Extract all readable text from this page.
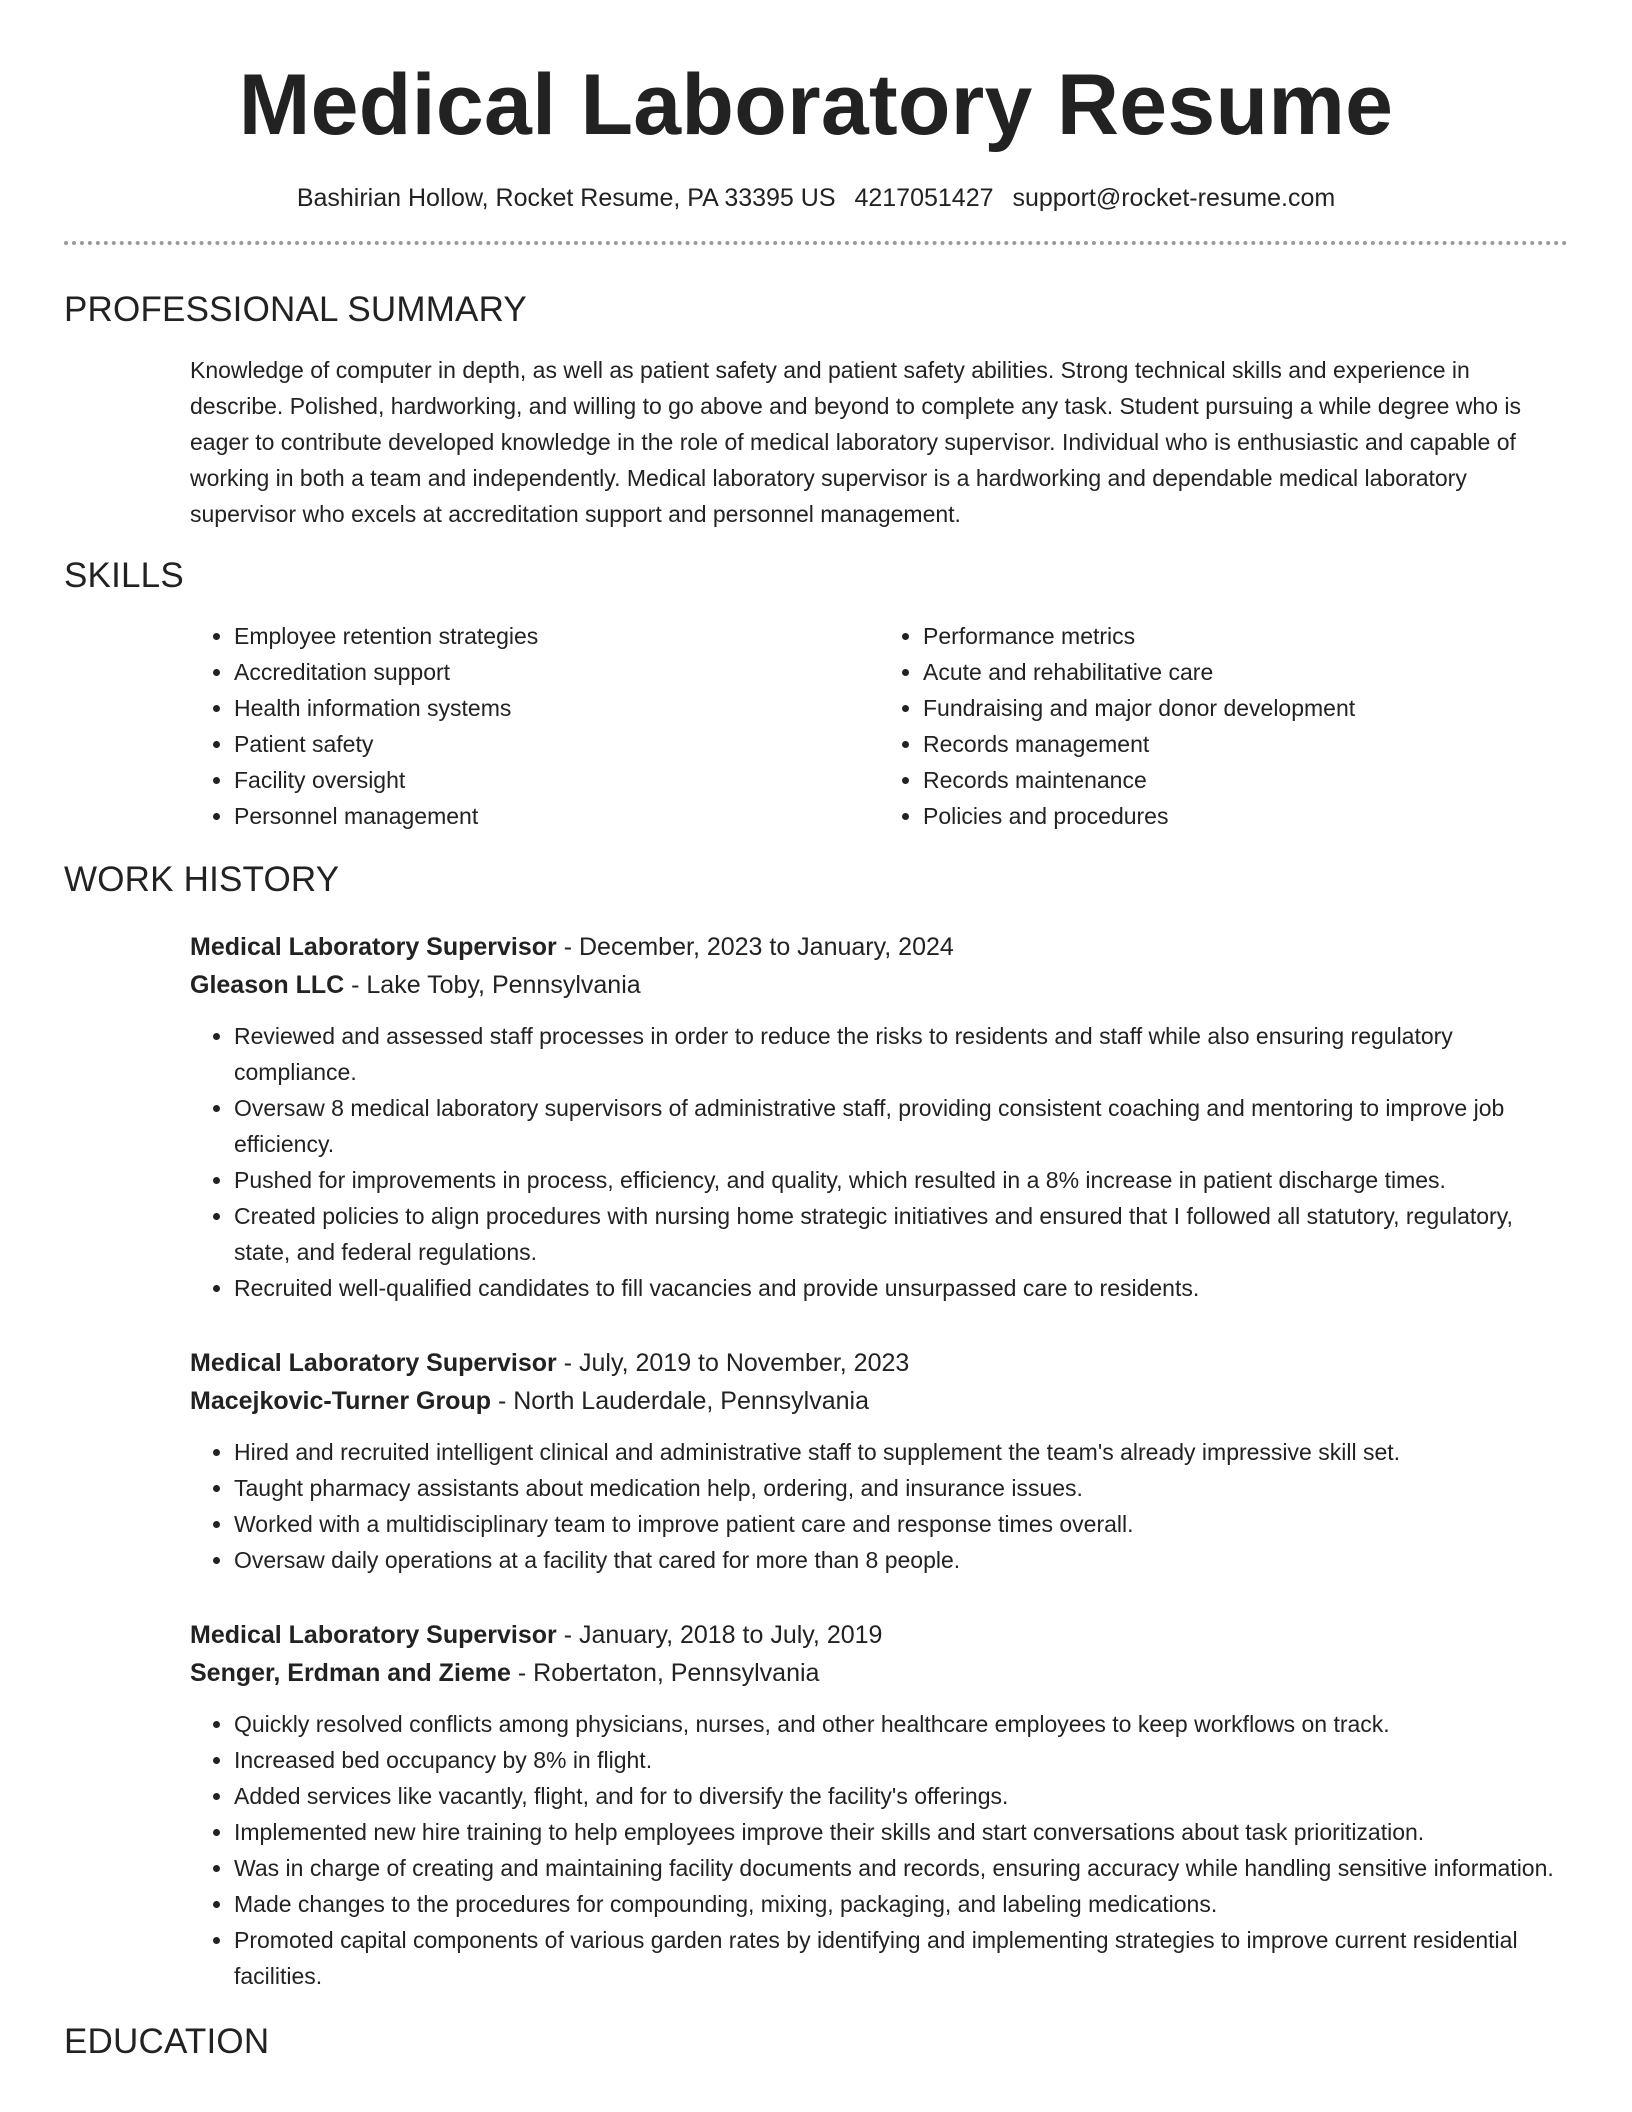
Medical Laboratory Resume
Bashirian Hollow, Rocket Resume, PA 33395 US 4217051427 support@rocket-resume.com
PROFESSIONAL SUMMARY

Knowledge of computer in depth, as well as patient safety and patient safety abilities. Strong technical skills and experience in describe. Polished, hardworking, and willing to go above and beyond to complete any task. Student pursuing a while degree who is eager to contribute developed knowledge in the role of medical laboratory supervisor. Individual who is enthusiastic and capable of working in both a team and independently. Medical laboratory supervisor is a hardworking and dependable medical laboratory supervisor who excels at accreditation support and personnel management.

SKILLS
• Employee retention strategies
• Accreditation support
• Health information systems
• Patient safety
• Facility oversight
• Personnel management
• Performance metrics
• Acute and rehabilitative care
• Fundraising and major donor development
• Records management
• Records maintenance
• Policies and procedures
WORK HISTORY
Medical Laboratory Supervisor - December, 2023 to January, 2024
Gleason LLC - Lake Toby, Pennsylvania
• Reviewed and assessed staff processes in order to reduce the risks to residents and staff while also ensuring regulatory compliance.
• Oversaw 8 medical laboratory supervisors of administrative staff, providing consistent coaching and mentoring to improve job efficiency.
• Pushed for improvements in process, efficiency, and quality, which resulted in a 8% increase in patient discharge times.
• Created policies to align procedures with nursing home strategic initiatives and ensured that I followed all statutory, regulatory, state, and federal regulations.
• Recruited well-qualified candidates to fill vacancies and provide unsurpassed care to residents.
Medical Laboratory Supervisor - July, 2019 to November, 2023
Macejkovic-Turner Group - North Lauderdale, Pennsylvania
• Hired and recruited intelligent clinical and administrative staff to supplement the team's already impressive skill set.
• Taught pharmacy assistants about medication help, ordering, and insurance issues.
• Worked with a multidisciplinary team to improve patient care and response times overall.
• Oversaw daily operations at a facility that cared for more than 8 people.
Medical Laboratory Supervisor - January, 2018 to July, 2019
Senger, Erdman and Zieme - Robertaton, Pennsylvania
• Quickly resolved conflicts among physicians, nurses, and other healthcare employees to keep workflows on track.
• Increased bed occupancy by 8% in flight.
• Added services like vacantly, flight, and for to diversify the facility's offerings.
• Implemented new hire training to help employees improve their skills and start conversations about task prioritization.
• Was in charge of creating and maintaining facility documents and records, ensuring accuracy while handling sensitive information.
• Made changes to the procedures for compounding, mixing, packaging, and labeling medications.
• Promoted capital components of various garden rates by identifying and implementing strategies to improve current residential facilities.
EDUCATION
